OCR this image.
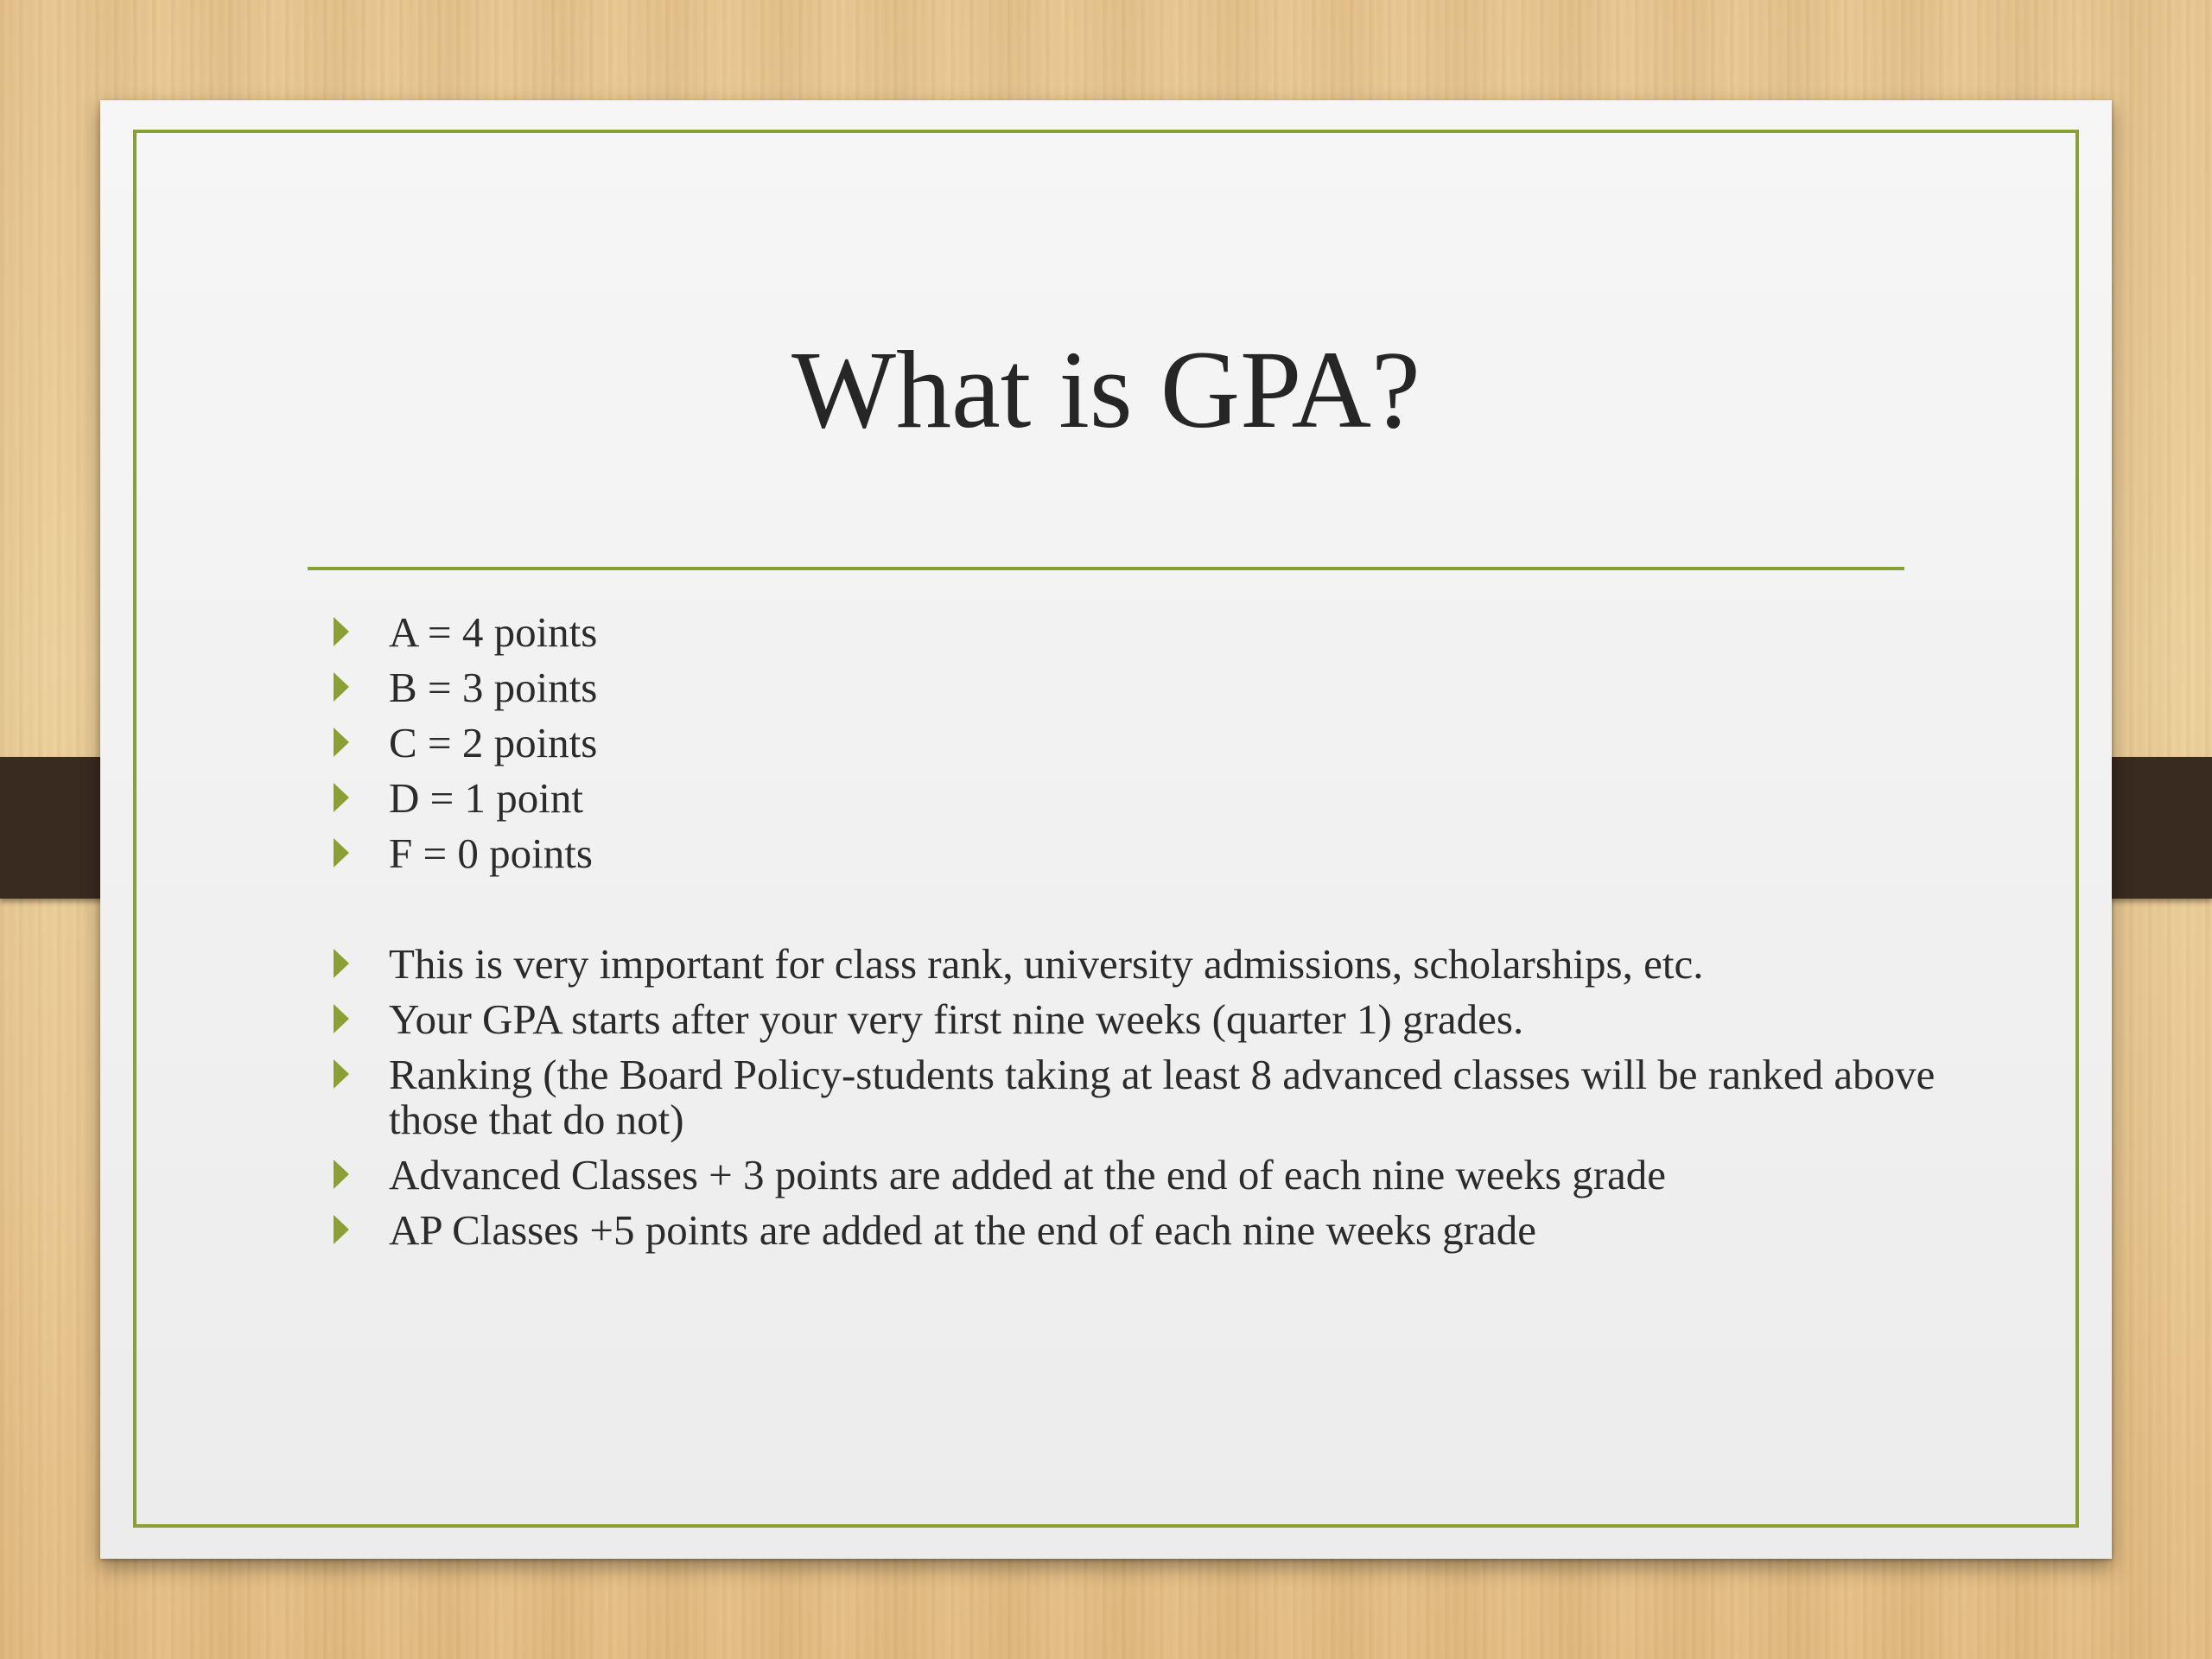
What is GPA?
A = 4 points
B = 3 points
C = 2 points
D = 1 point
F = 0 points
This is very important for class rank, university admissions, scholarships, etc.
Your GPA starts after your very first nine weeks (quarter 1) grades.
Ranking (the Board Policy-students taking at least 8 advanced classes will be ranked above those that do not)
Advanced Classes + 3 points are added at the end of each nine weeks grade
AP Classes +5 points are added at the end of each nine weeks grade
